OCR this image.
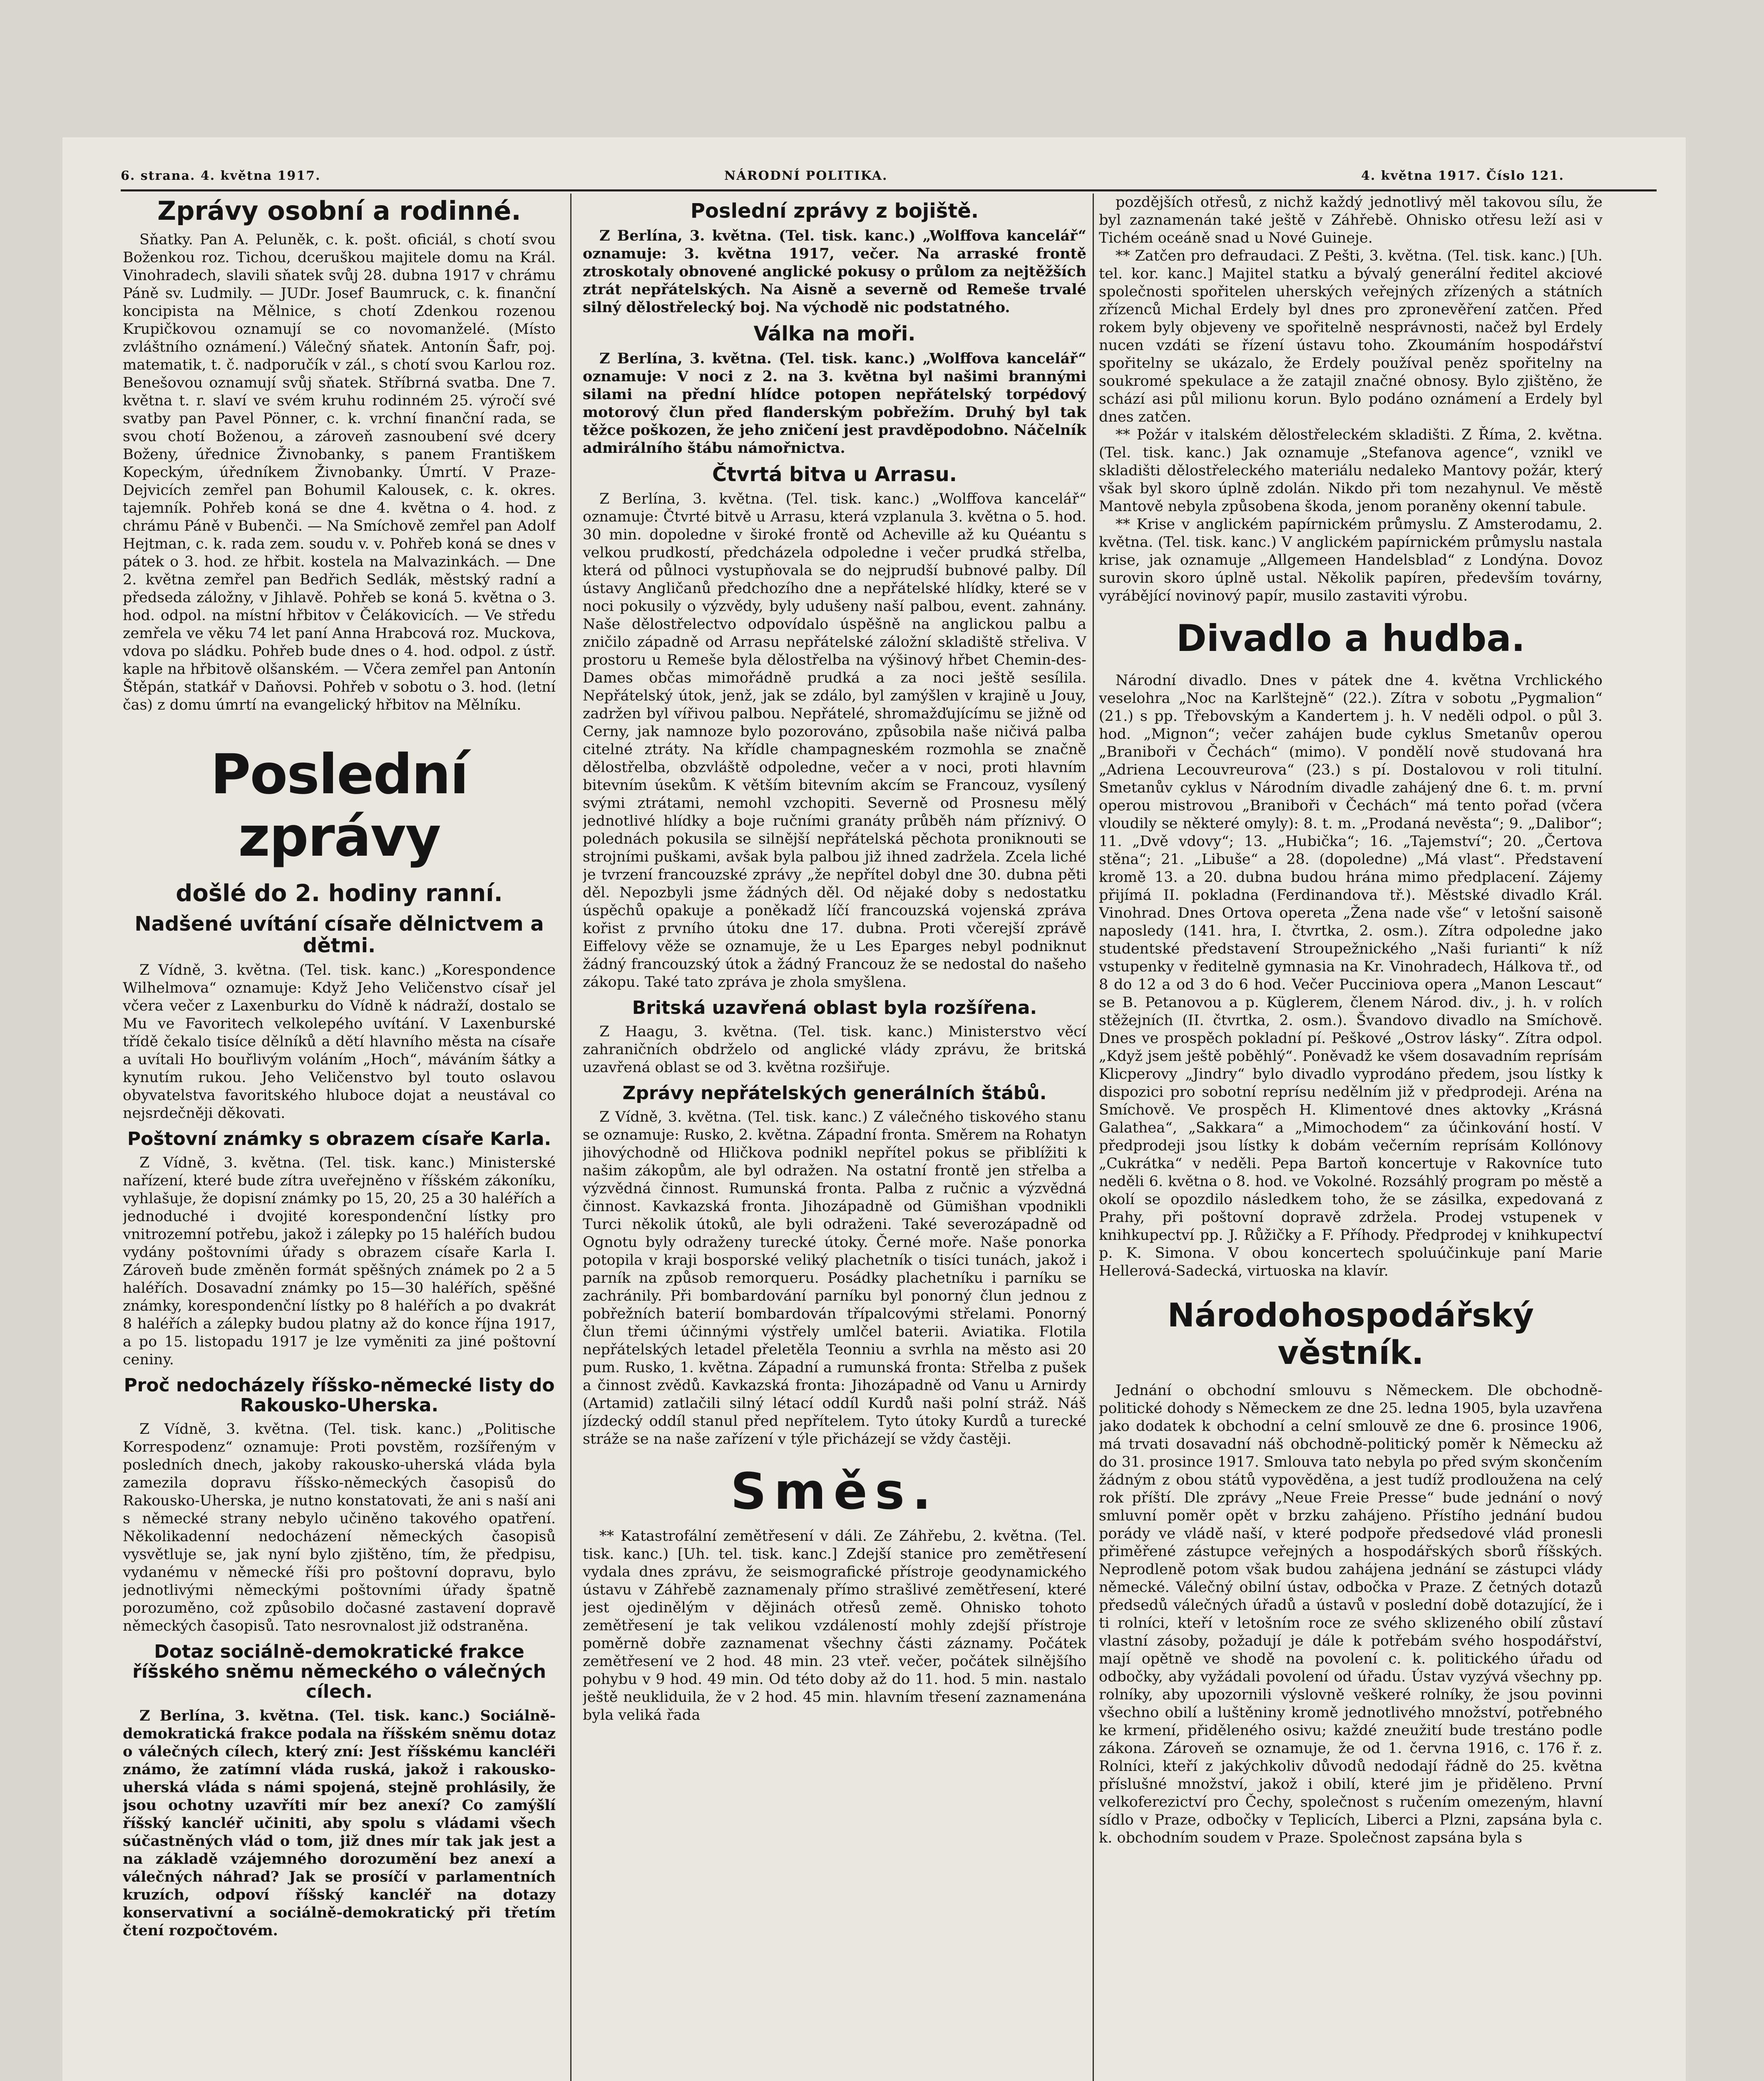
6. strana. 4. května 1917.	NÁRODNÍ POLITIKA.	4. května 1917. Číslo 121.
Zprávy osobní a rodinné.

Sňatky. Pan A. Peluněk, c. k. pošt. oficiál, s chotí svou Boženkou roz. Tichou, dceruškou majitele domu na Král. Vinohradech, slavili sňatek svůj 28. dubna 1917 v chrámu Páně sv. Ludmily. — JUDr. Josef Baumruck, c. k. finanční koncipista na Mělnice, s chotí Zdenkou rozenou Krupičkovou oznamují se co novomanželé. (Místo zvláštního oznámení.) Válečný sňatek. Antonín Šafr, poj. matematik, t. č. nadporučík v zál., s chotí svou Karlou roz. Benešovou oznamují svůj sňatek. Stříbrná svatba. Dne 7. května t. r. slaví ve svém kruhu rodinném 25. výročí své svatby pan Pavel Pönner, c. k. vrchní finanční rada, se svou chotí Boženou, a zároveň zasnoubení své dcery Boženy, úřednice Živnobanky, s panem Františkem Kopeckým, úředníkem Živnobanky. Úmrtí. V Praze-Dejvicích zemřel pan Bohumil Kalousek, c. k. okres. tajemník. Pohřeb koná se dne 4. května o 4. hod. z chrámu Páně v Bubenči. — Na Smíchově zemřel pan Adolf Hejtman, c. k. rada zem. soudu v. v. Pohřeb koná se dnes v pátek o 3. hod. ze hřbit. kostela na Malvazinkách. — Dne 2. května zemřel pan Bedřich Sedlák, městský radní a předseda záložny, v Jihlavě. Pohřeb se koná 5. května o 3. hod. odpol. na místní hřbitov v Čelákovicích. — Ve středu zemřela ve věku 74 let paní Anna Hrabcová roz. Muckova, vdova po sládku. Pohřeb bude dnes o 4. hod. odpol. z ústř. kaple na hřbitově olšanském. — Včera zemřel pan Antonín Štěpán, statkář v Daňovsi. Pohřeb v sobotu o 3. hod. (letní čas) z domu úmrtí na evangelický hřbitov na Mělníku.

Poslední zprávy
došlé do 2. hodiny ranní.
Nadšené uvítání císaře dělnictvem a dětmi.

Z Vídně, 3. května. (Tel. tisk. kanc.) „Korespondence Wilhelmova“ oznamuje: Když Jeho Veličenstvo císař jel včera večer z Laxenburku do Vídně k nádraží, dostalo se Mu ve Favoritech velkolepého uvítání. V Laxenburské třídě čekalo tisíce dělníků a dětí hlavního města na císaře a uvítali Ho bouřlivým voláním „Hoch“, máváním šátky a kynutím rukou. Jeho Veličenstvo byl touto oslavou obyvatelstva favoritského hluboce dojat a neustával co nejsrdečněji děkovati.

Poštovní známky s obrazem císaře Karla.

Z Vídně, 3. května. (Tel. tisk. kanc.) Ministerské nařízení, které bude zítra uveřejněno v říšském zákoníku, vyhlašuje, že dopisní známky po 15, 20, 25 a 30 haléřích a jednoduché i dvojité korespondenční lístky pro vnitrozemní potřebu, jakož i zálepky po 15 haléřích budou vydány poštovními úřady s obrazem císaře Karla I. Zároveň bude změněn formát spěšných známek po 2 a 5 haléřích. Dosavadní známky po 15—30 haléřích, spěšné známky, korespondenční lístky po 8 haléřích a po dvakrát 8 haléřích a zálepky budou platny až do konce října 1917, a po 15. listopadu 1917 je lze vyměniti za jiné poštovní ceniny.

Proč nedocházely říšsko-německé listy do Rakousko-Uherska.

Z Vídně, 3. května. (Tel. tisk. kanc.) „Politische Korrespodenz“ oznamuje: Proti povstěm, rozšířeným v posledních dnech, jakoby rakousko-uherská vláda byla zamezila dopravu říšsko-německých časopisů do Rakousko-Uherska, je nutno konstatovati, že ani s naší ani s německé strany nebylo učiněno takového opatření. Několikadenní nedocházení německých časopisů vysvětluje se, jak nyní bylo zjištěno, tím, že předpisu, vydanému v německé říši pro poštovní dopravu, bylo jednotlivými německými poštovními úřady špatně porozuměno, což způsobilo dočasné zastavení dopravě německých časopisů. Tato nesrovnalost již odstraněna.

Dotaz sociálně-demokratické frakce říšského sněmu německého o válečných cílech.

Z Berlína, 3. května. (Tel. tisk. kanc.) Sociálně-demokratická frakce podala na říšském sněmu dotaz o válečných cílech, který zní: Jest říšskému kancléři známo, že zatímní vláda ruská, jakož i rakousko-uherská vláda s námi spojená, stejně prohlásily, že jsou ochotny uzavříti mír bez anexí? Co zamýšlí říšský kancléř učiniti, aby spolu s vládami všech súčastněných vlád o tom, již dnes mír tak jak jest a na základě vzájemného dorozumění bez anexí a válečných náhrad? Jak se prosíčí v parlamentních kruzích, odpoví říšský kancléř na dotazy konservativní a sociálně-demokratický při třetím čtení rozpočtovém.

Poslední zprávy z bojiště.

Z Berlína, 3. května. (Tel. tisk. kanc.) „Wolffova kancelář“ oznamuje: 3. května 1917, večer. Na arraské frontě ztroskotaly obnovené anglické pokusy o průlom za nejtěžších ztrát nepřátelských. Na Aisně a severně od Remeše trvalé silný dělostřelecký boj. Na východě nic podstatného.

Válka na moři.

Z Berlína, 3. května. (Tel. tisk. kanc.) „Wolffova kancelář“ oznamuje: V noci z 2. na 3. května byl našimi brannými silami na přední hlídce potopen nepřátelský torpédový motorový člun před flanderským pobřežím. Druhý byl tak těžce poškozen, že jeho zničení jest pravděpodobno. Náčelník admirálního štábu námořnictva.

Čtvrtá bitva u Arrasu.

Z Berlína, 3. května. (Tel. tisk. kanc.) „Wolffova kancelář“ oznamuje: Čtvrté bitvě u Arrasu, která vzplanula 3. května o 5. hod. 30 min. dopoledne v široké frontě od Acheville až ku Quéantu s velkou prudkostí, předcházela odpoledne i večer prudká střelba, která od půlnoci vystupňovala se do nejprudší bubnové palby. Díl ústavy Angličanů předchozího dne a nepřátelské hlídky, které se v noci pokusily o výzvědy, byly udušeny naší palbou, event. zahnány. Naše dělostřelectvo odpovídalo úspěšně na anglickou palbu a zničilo západně od Arrasu nepřátelské záložní skladiště střeliva. V prostoru u Remeše byla dělostřelba na výšinový hřbet Chemin-des-Dames občas mimořádně prudká a za noci ještě sesílila. Nepřátelský útok, jenž, jak se zdálo, byl zamýšlen v krajině u Jouy, zadržen byl vířivou palbou. Nepřátelé, shromažďujícímu se jižně od Cerny, jak namnoze bylo pozorováno, způsobila naše ničivá palba citelné ztráty. Na křídle champagneském rozmohla se značně dělostřelba, obzvláště odpoledne, večer a v noci, proti hlavním bitevním úsekům. K větším bitevním akcím se Francouz, vysílený svými ztrátami, nemohl vzchopiti. Severně od Prosnesu mělý jednotlivé hlídky a boje ručními granáty průběh nám příznivý. O polednách pokusila se silnější nepřátelská pěchota proniknouti se strojními puškami, avšak byla palbou již ihned zadržela. Zcela liché je tvrzení francouzské zprávy „že nepřítel dobyl dne 30. dubna pěti děl. Nepozbyli jsme žádných děl. Od nějaké doby s nedostatku úspěchů opakuje a poněkadž líčí francouzská vojenská zpráva kořist z prvního útoku dne 17. dubna. Proti včerejší zprávě Eiffelovy věže se oznamuje, že u Les Eparges nebyl podniknut žádný francouzský útok a žádný Francouz že se nedostal do našeho zákopu. Také tato zpráva je zhola smyšlena.

Britská uzavřená oblast byla rozšířena.

Z Haagu, 3. května. (Tel. tisk. kanc.) Ministerstvo věcí zahraničních obdrželo od anglické vlády zprávu, že britská uzavřená oblast se od 3. května rozšiřuje.

Zprávy nepřátelských generálních štábů.

Z Vídně, 3. května. (Tel. tisk. kanc.) Z válečného tiskového stanu se oznamuje: Rusko, 2. května. Západní fronta. Směrem na Rohatyn jihovýchodně od Hličkova podnikl nepřítel pokus se přiblížiti k našim zákopům, ale byl odražen. Na ostatní frontě jen střelba a výzvědná činnost. Rumunská fronta. Palba z ručnic a výzvědná činnost. Kavkazská fronta. Jihozápadně od Gümišhan vpodnikli Turci několik útoků, ale byli odraženi. Také severozápadně od Ognotu byly odraženy turecké útoky. Černé moře. Naše ponorka potopila v kraji bosporské veliký plachetník o tisíci tunách, jakož i parník na způsob remorqueru. Posádky plachetníku i parníku se zachránily. Při bombardování parníku byl ponorný člun jednou z pobřežních baterií bombardován třípalcovými střelami. Ponorný člun třemi účinnými výstřely umlčel baterii. Aviatika. Flotila nepřátelských letadel přeletěla Teonniu a svrhla na město asi 20 pum. Rusko, 1. května. Západní a rumunská fronta: Střelba z pušek a činnost zvědů. Kavkazská fronta: Jihozápadně od Vanu u Arnirdy (Artamid) zatlačili silný létací oddíl Kurdů naši polní stráž. Náš jízdecký oddíl stanul před nepřítelem. Tyto útoky Kurdů a turecké stráže se na naše zařízení v týle přicházejí se vždy častěji.

Směs.

** Katastrofální zemětřesení v dáli. Ze Záhřebu, 2. května. (Tel. tisk. kanc.) [Uh. tel. tisk. kanc.] Zdejší stanice pro zemětřesení vydala dnes zprávu, že seismografické přístroje geodynamického ústavu v Záhřebě zaznamenaly přímo strašlivé zemětřesení, které jest ojedinělým v dějinách otřesů země. Ohnisko tohoto zemětřesení je tak velikou vzdáleností mohly zdejší přístroje poměrně dobře zaznamenat všechny části záznamy. Počátek zemětřesení ve 2 hod. 48 min. 23 vteř. večer, počátek silnějšího pohybu v 9 hod. 49 min. Od této doby až do 11. hod. 5 min. nastalo ještě neukliduila, že v 2 hod. 45 min. hlavním třesení zaznamenána byla veliká řada

pozdějších otřesů, z nichž každý jednotlivý měl takovou sílu, že byl zaznamenán také ještě v Záhřebě. Ohnisko otřesu leží asi v Tichém oceáně snad u Nové Guineje.

** Zatčen pro defraudaci. Z Pešti, 3. května. (Tel. tisk. kanc.) [Uh. tel. kor. kanc.] Majitel statku a bývalý generální ředitel akciové společnosti spořitelen uherských veřejných zřízených a státních zřízenců Michal Erdely byl dnes pro zpronevěření zatčen. Před rokem byly objeveny ve spořitelně nesprávnosti, načež byl Erdely nucen vzdáti se řízení ústavu toho. Zkoumáním hospodářství spořitelny se ukázalo, že Erdely používal peněz spořitelny na soukromé spekulace a že zatajil značné obnosy. Bylo zjištěno, že schází asi půl milionu korun. Bylo podáno oznámení a Erdely byl dnes zatčen.

** Požár v italském dělostřeleckém skladišti. Z Říma, 2. května. (Tel. tisk. kanc.) Jak oznamuje „Stefanova agence“, vznikl ve skladišti dělostřeleckého materiálu nedaleko Mantovy požár, který však byl skoro úplně zdolán. Nikdo při tom nezahynul. Ve městě Mantově nebyla způsobena škoda, jenom poraněny okenní tabule.

** Krise v anglickém papírnickém průmyslu. Z Amsterodamu, 2. května. (Tel. tisk. kanc.) V anglickém papírnickém průmyslu nastala krise, jak oznamuje „Allgemeen Handelsblad“ z Londýna. Dovoz surovin skoro úplně ustal. Několik papíren, především továrny, vyrábějící novinový papír, musilo zastaviti výrobu.

Divadlo a hudba.

Národní divadlo. Dnes v pátek dne 4. května Vrchlického veselohra „Noc na Karlštejně“ (22.). Zítra v sobotu „Pygmalion“ (21.) s pp. Třebovským a Kandertem j. h. V neděli odpol. o půl 3. hod. „Mignon“; večer zahájen bude cyklus Smetanův operou „Braniboři v Čechách“ (mimo). V pondělí nově studovaná hra „Adriena Lecouvreurova“ (23.) s pí. Dostalovou v roli titulní. Smetanův cyklus v Národním divadle zahájený dne 6. t. m. první operou mistrovou „Braniboři v Čechách“ má tento pořad (včera vloudily se některé omyly): 8. t. m. „Prodaná nevěsta“; 9. „Dalibor“; 11. „Dvě vdovy“; 13. „Hubička“; 16. „Tajemství“; 20. „Čertova stěna“; 21. „Libuše“ a 28. (dopoledne) „Má vlast“. Představení kromě 13. a 20. dubna budou hrána mimo předplacení. Zájemy přijímá II. pokladna (Ferdinandova tř.). Městské divadlo Král. Vinohrad. Dnes Ortova opereta „Žena nade vše“ v letošní saisoně naposledy (141. hra, I. čtvrtka, 2. osm.). Zítra odpoledne jako studentské představení Stroupežnického „Naši furianti“ k níž vstupenky v ředitelně gymnasia na Kr. Vinohradech, Hálkova tř., od 8 do 12 a od 3 do 6 hod. Večer Pucciniova opera „Manon Lescaut“ se B. Petanovou a p. Küglerem, členem Národ. div., j. h. v rolích stěžejních (II. čtvrtka, 2. osm.). Švandovo divadlo na Smíchově. Dnes ve prospěch pokladní pí. Peškové „Ostrov lásky“. Zítra odpol. „Když jsem ještě poběhlý“. Poněvadž ke všem dosavadním reprísám Klicperovy „Jindry“ bylo divadlo vyprodáno předem, jsou lístky k dispozici pro sobotní reprísu nedělním již v předprodeji. Aréna na Smíchově. Ve prospěch H. Klimentové dnes aktovky „Krásná Galathea“, „Sakkara“ a „Mimochodem“ za účinkování hostí. V předprodeji jsou lístky k dobám večerním reprísám Kollónovy „Cukrátka“ v neděli. Pepa Bartoň koncertuje v Rakovníce tuto neděli 6. května o 8. hod. ve Vokolné. Rozsáhlý program po městě a okolí se opozdilo následkem toho, že se zásilka, expedovaná z Prahy, při poštovní dopravě zdržela. Prodej vstupenek v knihkupectví pp. J. Růžičky a F. Příhody. Předprodej v knihkupectví p. K. Simona. V obou koncertech spoluúčinkuje paní Marie Hellerová-Sadecká, virtuoska na klavír.

Národohospodářský věstník.

Jednání o obchodní smlouvu s Německem. Dle obchodně-politické dohody s Německem ze dne 25. ledna 1905, byla uzavřena jako dodatek k obchodní a celní smlouvě ze dne 6. prosince 1906, má trvati dosavadní náš obchodně-politický poměr k Německu až do 31. prosince 1917. Smlouva tato nebyla po před svým skončením žádným z obou států vypověděna, a jest tudíž prodloužena na celý rok příští. Dle zprávy „Neue Freie Presse“ bude jednání o nový smluvní poměr opět v brzku zahájeno. Přístího jednání budou porády ve vládě naší, v které podpoře předsedové vlád pronesli přiměřené zástupce veřejných a hospodářských sborů říšských. Neprodleně potom však budou zahájena jednání se zástupci vlády německé. Válečný obilní ústav, odbočka v Praze. Z četných dotazů předsedů válečných úřadů a ústavů v poslední době dotazující, že i ti rolníci, kteří v letošním roce ze svého sklizeného obilí zůstaví vlastní zásoby, požadují je dále k potřebám svého hospodářství, mají opětně ve shodě na povolení c. k. politického úřadu od odbočky, aby vyžádali povolení od úřadu. Ústav vyzývá všechny pp. rolníky, aby upozornili výslovně veškeré rolníky, že jsou povinni všechno obilí a luštěniny kromě jednotlivého množství, potřebného ke krmení, přiděleného osivu; každé zneužití bude trestáno podle zákona. Zároveň se oznamuje, že od 1. června 1916, c. 176 ř. z. Rolníci, kteří z jakýchkoliv důvodů nedodají řádně do 25. května příslušné množství, jakož i obilí, které jim je přiděleno. První velkoferezictví pro Čechy, společnost s ručením omezeným, hlavní sídlo v Praze, odbočky v Teplicích, Liberci a Plzni, zapsána byla c. k. obchodním soudem v Praze. Společnost zapsána byla s
